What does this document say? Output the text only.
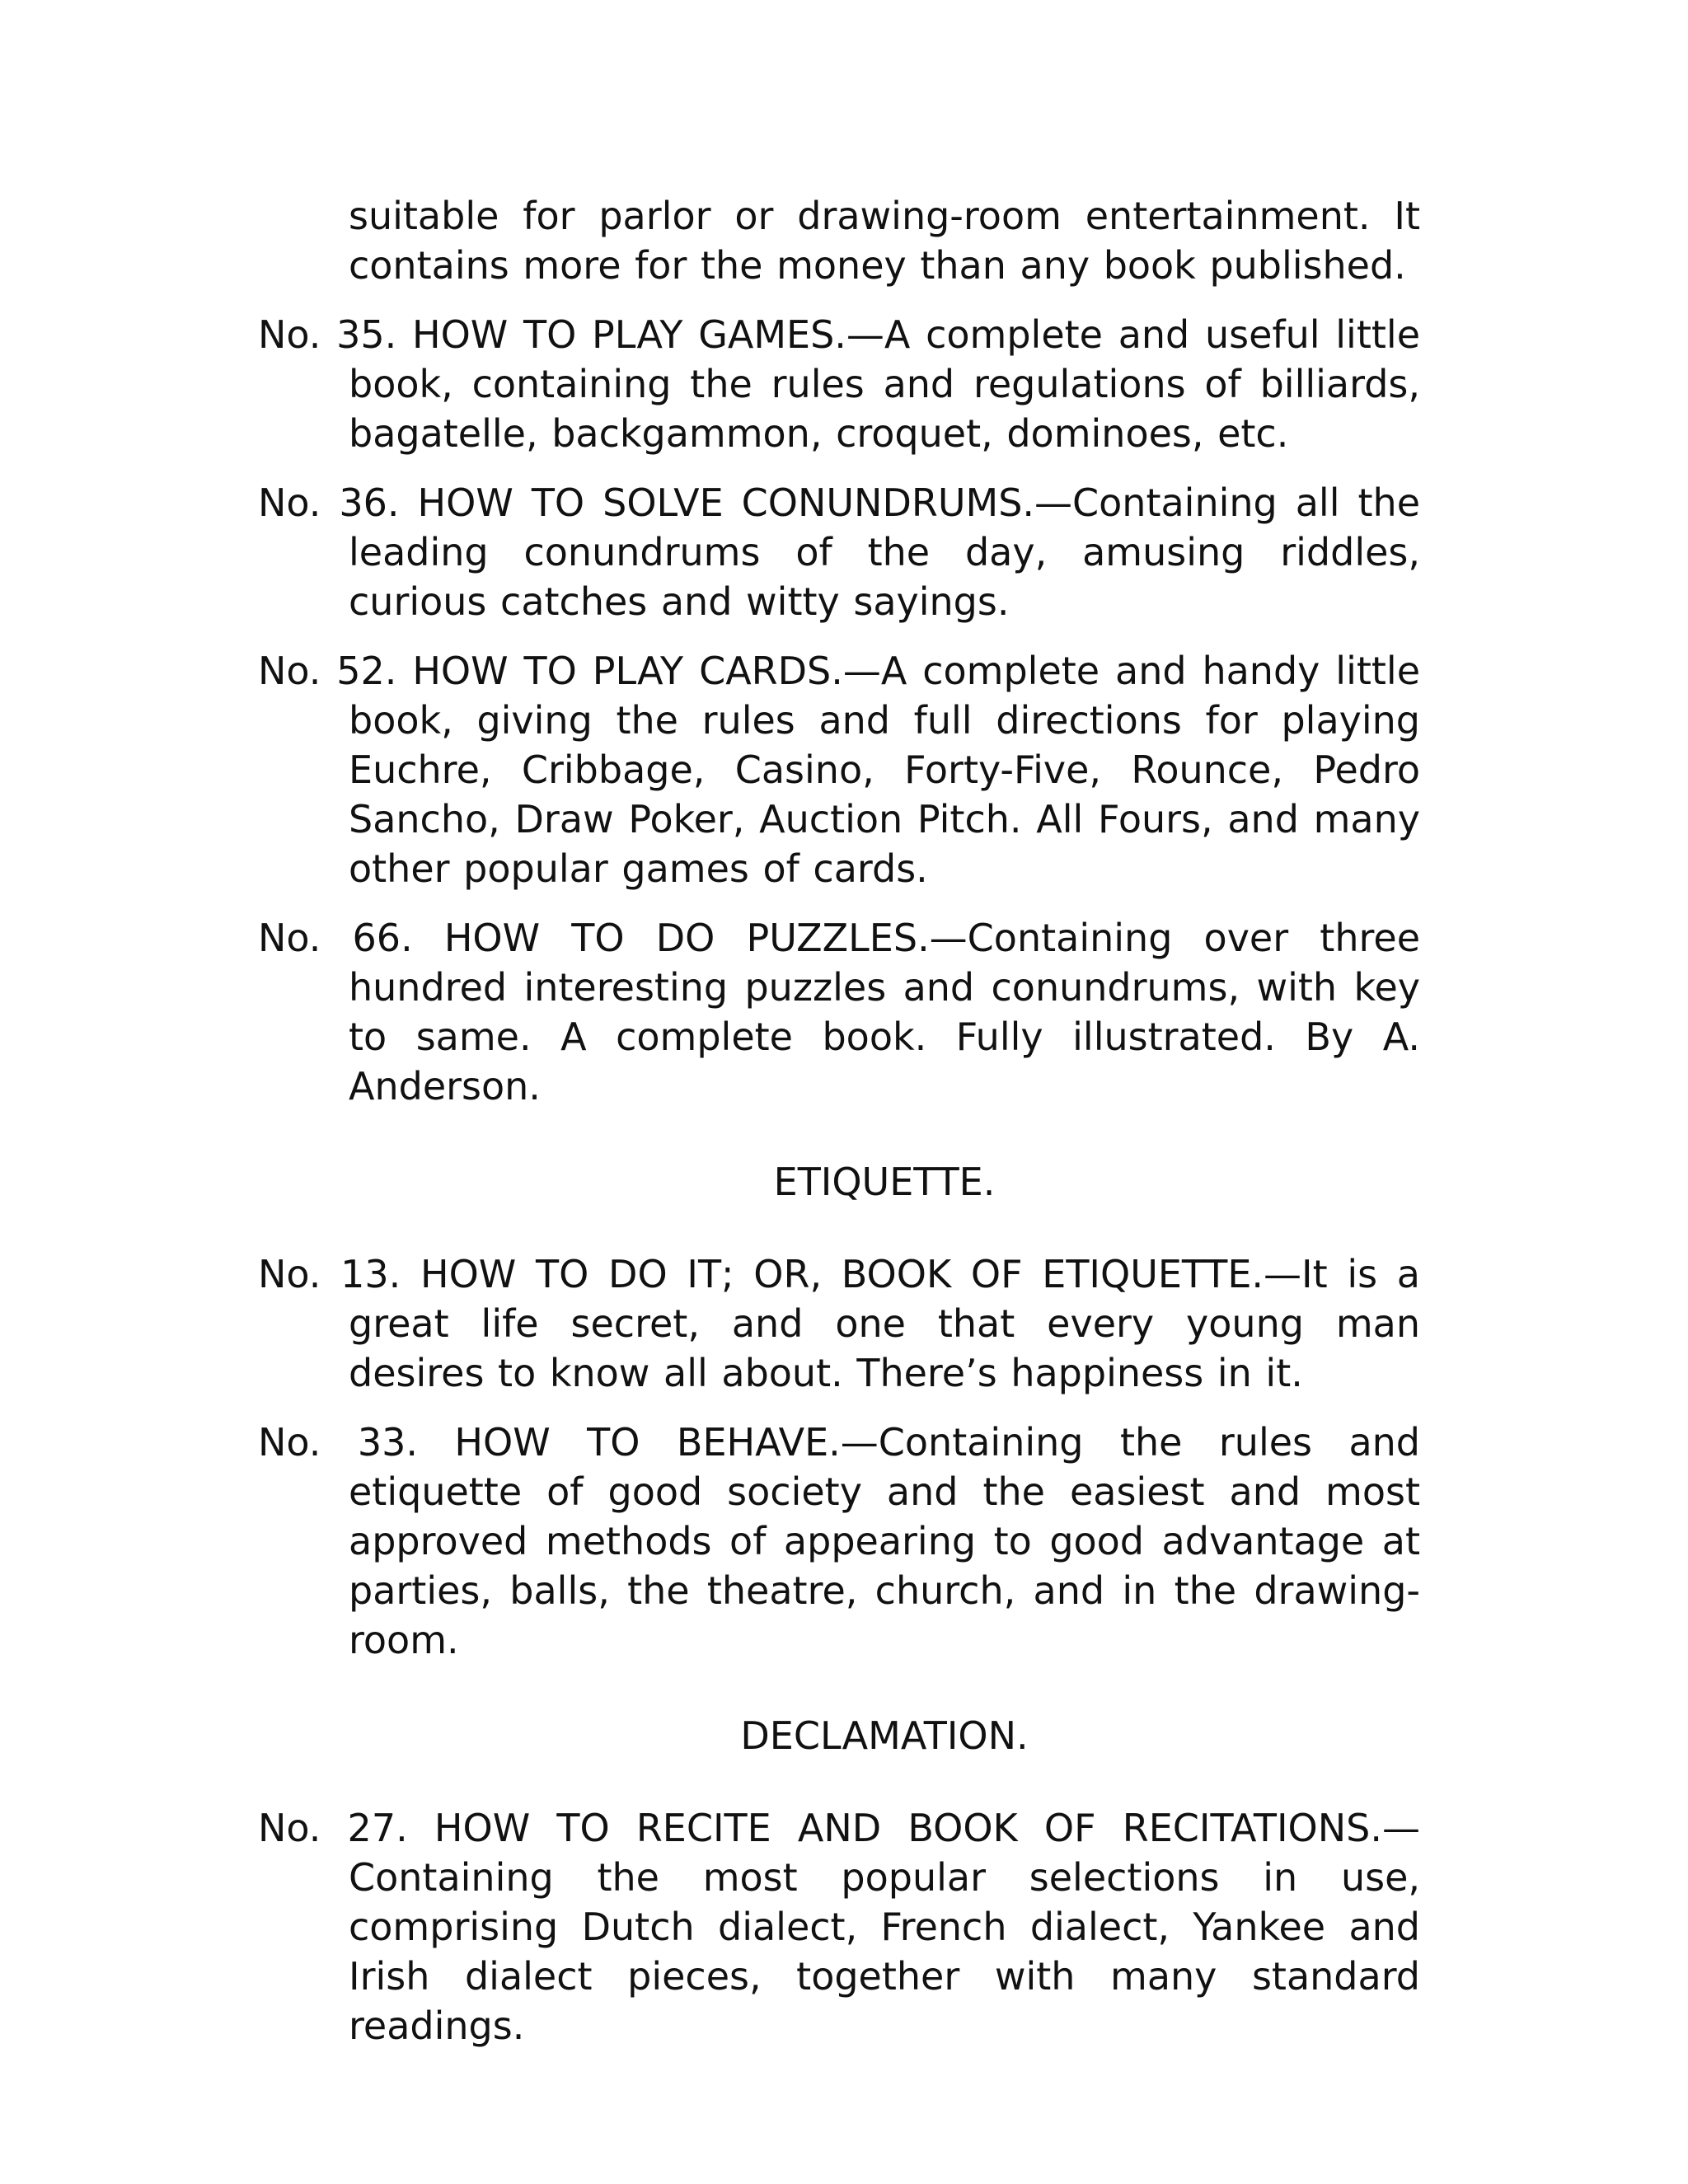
suitable for parlor or drawing-room entertainment. It contains more for the money than any book published.

No. 35. HOW TO PLAY GAMES.—A complete and useful little book, containing the rules and regulations of billiards, bagatelle, backgammon, croquet, dominoes, etc.

No. 36. HOW TO SOLVE CONUNDRUMS.—Containing all the leading conundrums of the day, amusing riddles, curious catches and witty sayings.

No. 52. HOW TO PLAY CARDS.—A complete and handy little book, giving the rules and full directions for playing Euchre, Cribbage, Casino, Forty-Five, Rounce, Pedro Sancho, Draw Poker, Auction Pitch. All Fours, and many other popular games of cards.

No. 66. HOW TO DO PUZZLES.—Containing over three hundred interesting puzzles and conundrums, with key to same. A complete book. Fully illustrated. By A. Anderson.

ETIQUETTE.

No. 13. HOW TO DO IT; OR, BOOK OF ETIQUETTE.—It is a great life secret, and one that every young man desires to know all about. There’s happiness in it.

No. 33. HOW TO BEHAVE.—Containing the rules and etiquette of good society and the easiest and most approved methods of appearing to good advantage at parties, balls, the theatre, church, and in the drawing-room.

DECLAMATION.

No. 27. HOW TO RECITE AND BOOK OF RECITATIONS.—Containing the most popular selections in use, comprising Dutch dialect, French dialect, Yankee and Irish dialect pieces, together with many standard readings.
